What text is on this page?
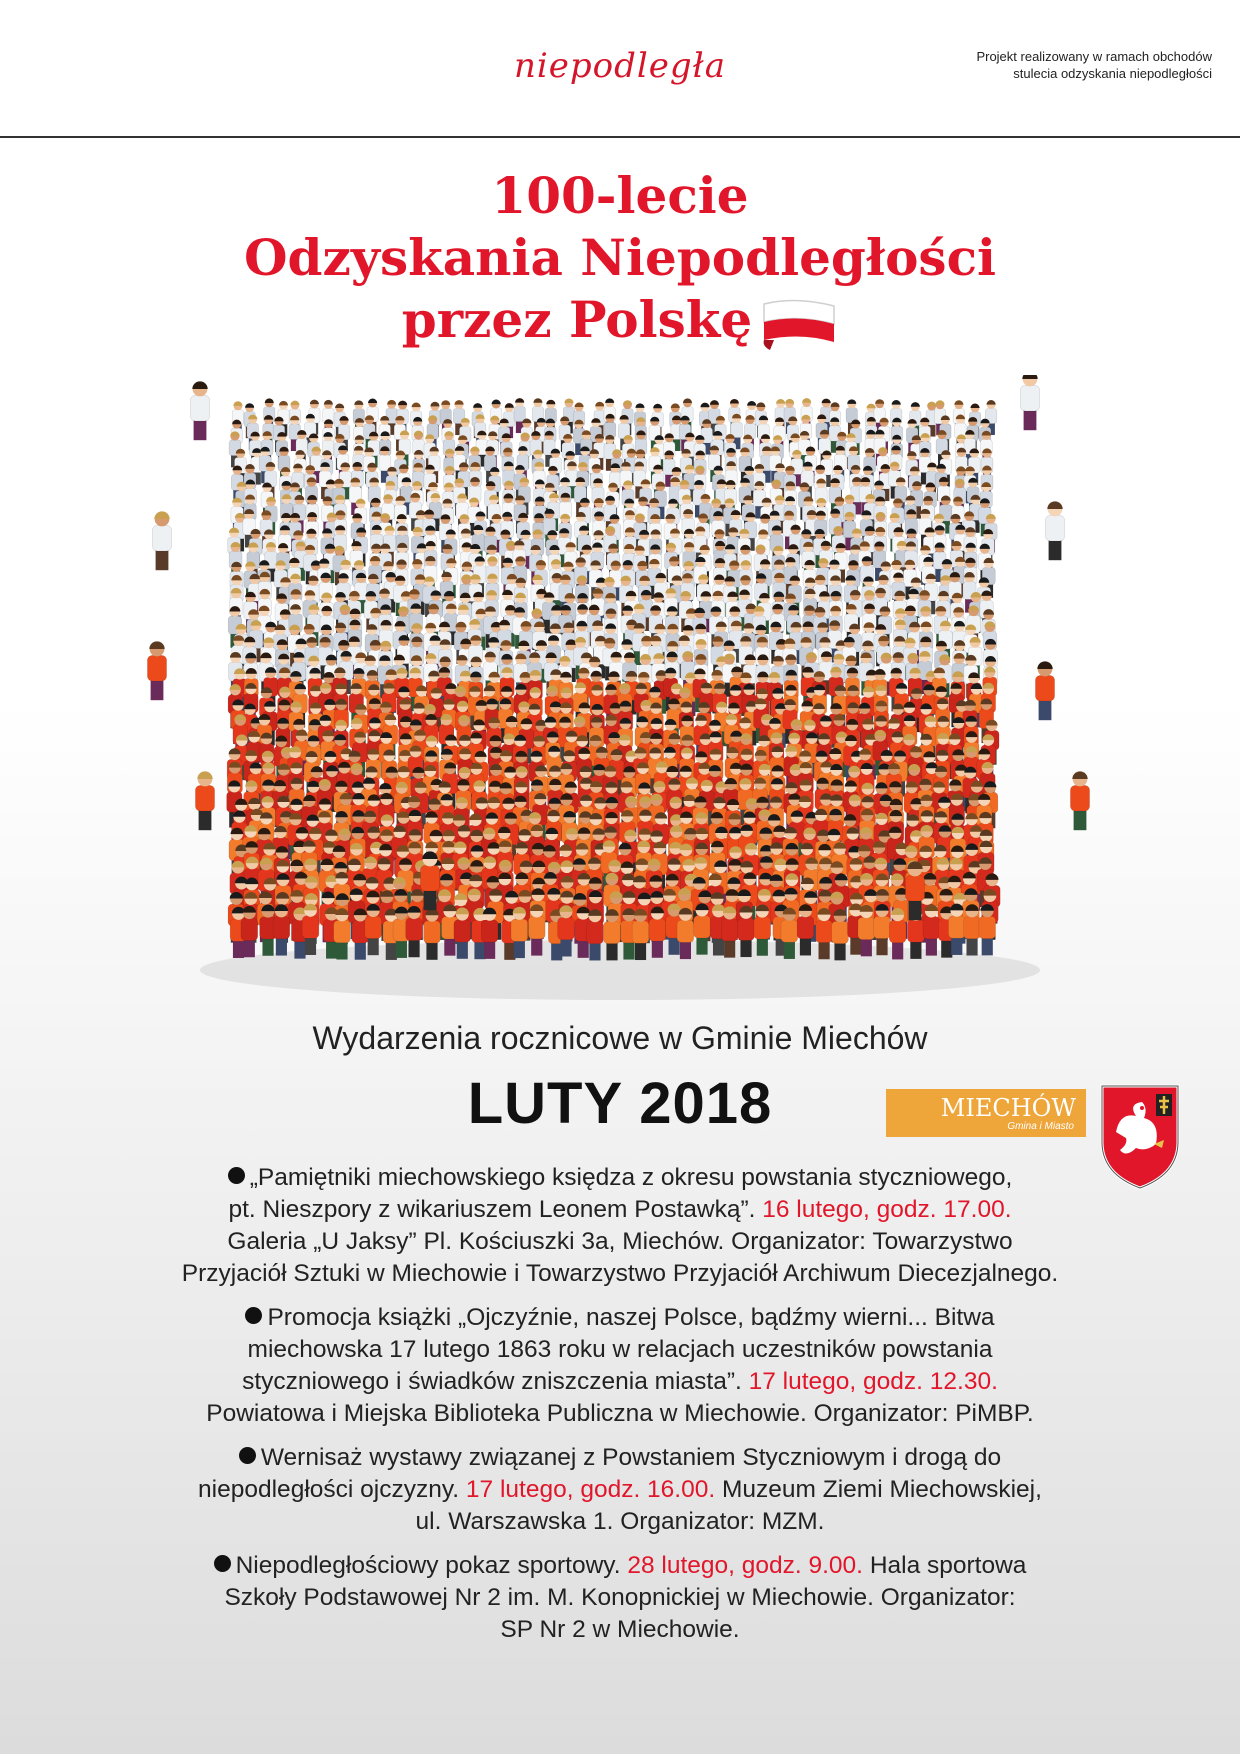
niepodległa	Projekt realizowany w ramach obchodów
stulecia odzyskania niepodległości
100-lecie
Odzyskania Niepodległości
przez Polskę
Wydarzenia rocznicowe w Gminie Miechów
LUTY 2018	MIECHÓW
Gmina i Miasto
„Pamiętniki miechowskiego księdza z okresu powstania styczniowego,
pt. Nieszpory z wikariuszem Leonem Postawką”. 16 lutego, godz. 17.00.
Galeria „U Jaksy” Pl. Kościuszki 3a, Miechów. Organizator: Towarzystwo
Przyjaciół Sztuki w Miechowie i Towarzystwo Przyjaciół Archiwum Diecezjalnego.
Promocja książki „Ojczyźnie, naszej Polsce, bądźmy wierni... Bitwa
miechowska 17 lutego 1863 roku w relacjach uczestników powstania
styczniowego i świadków zniszczenia miasta”. 17 lutego, godz. 12.30.
Powiatowa i Miejska Biblioteka Publiczna w Miechowie. Organizator: PiMBP.
Wernisaż wystawy związanej z Powstaniem Styczniowym i drogą do
niepodległości ojczyzny. 17 lutego, godz. 16.00. Muzeum Ziemi Miechowskiej,
ul. Warszawska 1. Organizator: MZM.
Niepodległościowy pokaz sportowy. 28 lutego, godz. 9.00. Hala sportowa
Szkoły Podstawowej Nr 2 im. M. Konopnickiej w Miechowie. Organizator:
SP Nr 2 w Miechowie.
